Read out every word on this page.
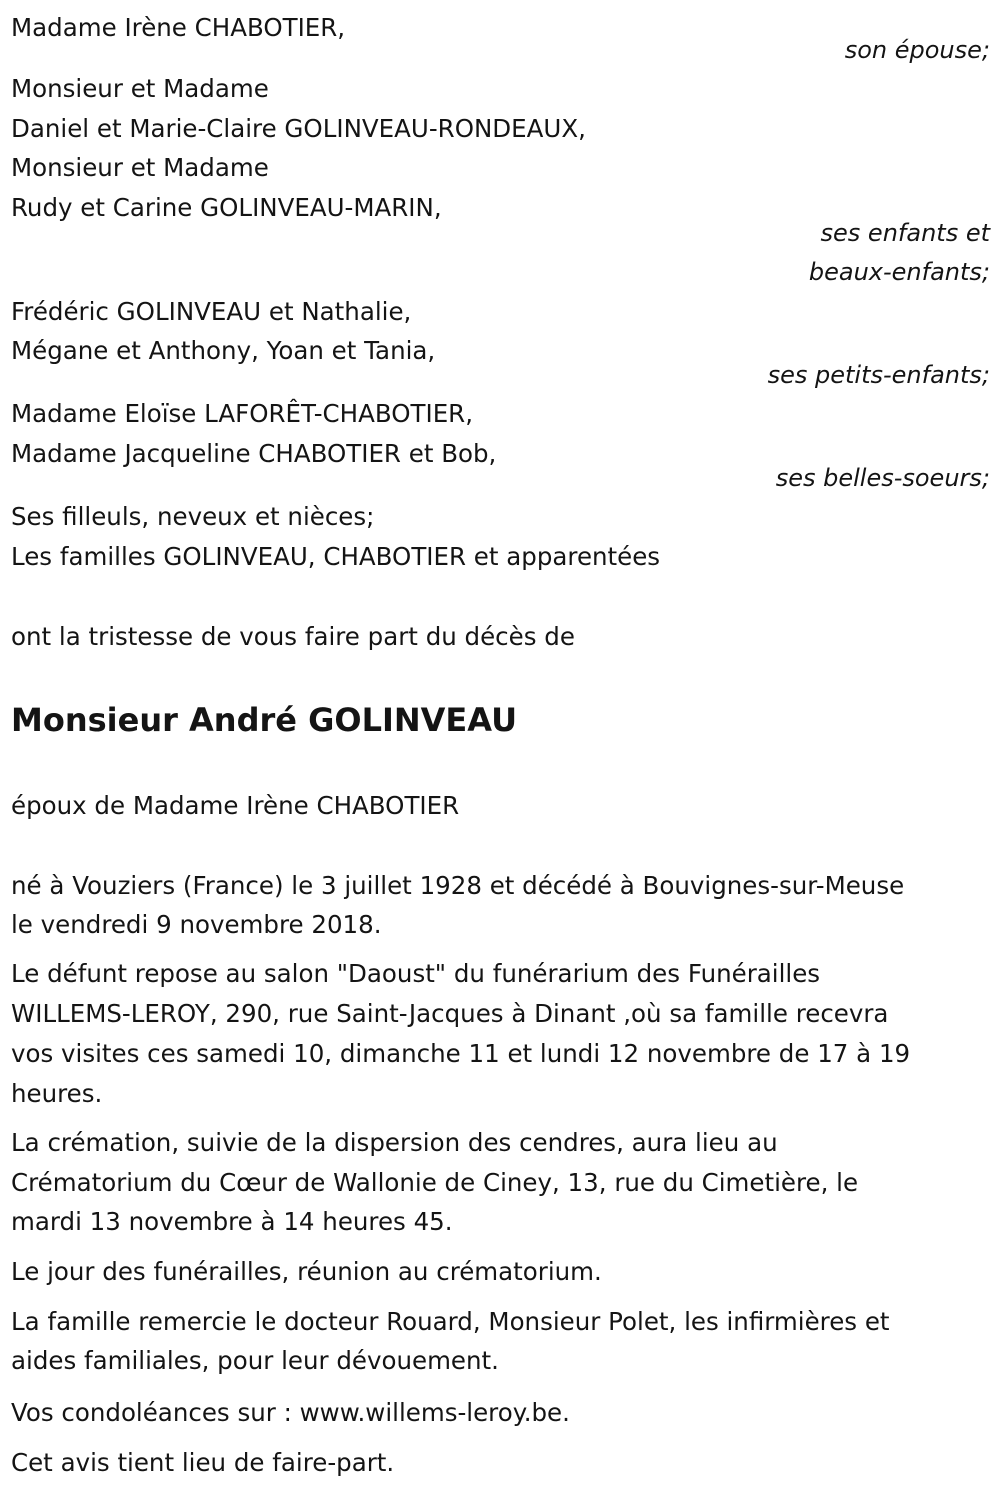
Madame Irène CHABOTIER,
son épouse;
Monsieur et Madame
Daniel et Marie-Claire GOLINVEAU-RONDEAUX,
Monsieur et Madame
Rudy et Carine GOLINVEAU-MARIN,
ses enfants et
beaux-enfants;
Frédéric GOLINVEAU et Nathalie,
Mégane et Anthony, Yoan et Tania,
ses petits-enfants;
Madame Eloïse LAFORÊT-CHABOTIER,
Madame Jacqueline CHABOTIER et Bob,
ses belles-soeurs;
Ses filleuls, neveux et nièces;
Les familles GOLINVEAU, CHABOTIER et apparentées
ont la tristesse de vous faire part du décès de
Monsieur André GOLINVEAU
époux de Madame Irène CHABOTIER
né à Vouziers (France) le 3 juillet 1928 et décédé à Bouvignes-sur-Meuse
le vendredi 9 novembre 2018.
Le défunt repose au salon "Daoust" du funérarium des Funérailles
WILLEMS-LEROY, 290, rue Saint-Jacques à Dinant ,où sa famille recevra
vos visites ces samedi 10, dimanche 11 et lundi 12 novembre de 17 à 19
heures.
La crémation, suivie de la dispersion des cendres, aura lieu au
Crématorium du Cœur de Wallonie de Ciney, 13, rue du Cimetière, le
mardi 13 novembre à 14 heures 45.
Le jour des funérailles, réunion au crématorium.
La famille remercie le docteur Rouard, Monsieur Polet, les infirmières et
aides familiales, pour leur dévouement.
Vos condoléances sur : www.willems-leroy.be.
Cet avis tient lieu de faire-part.
